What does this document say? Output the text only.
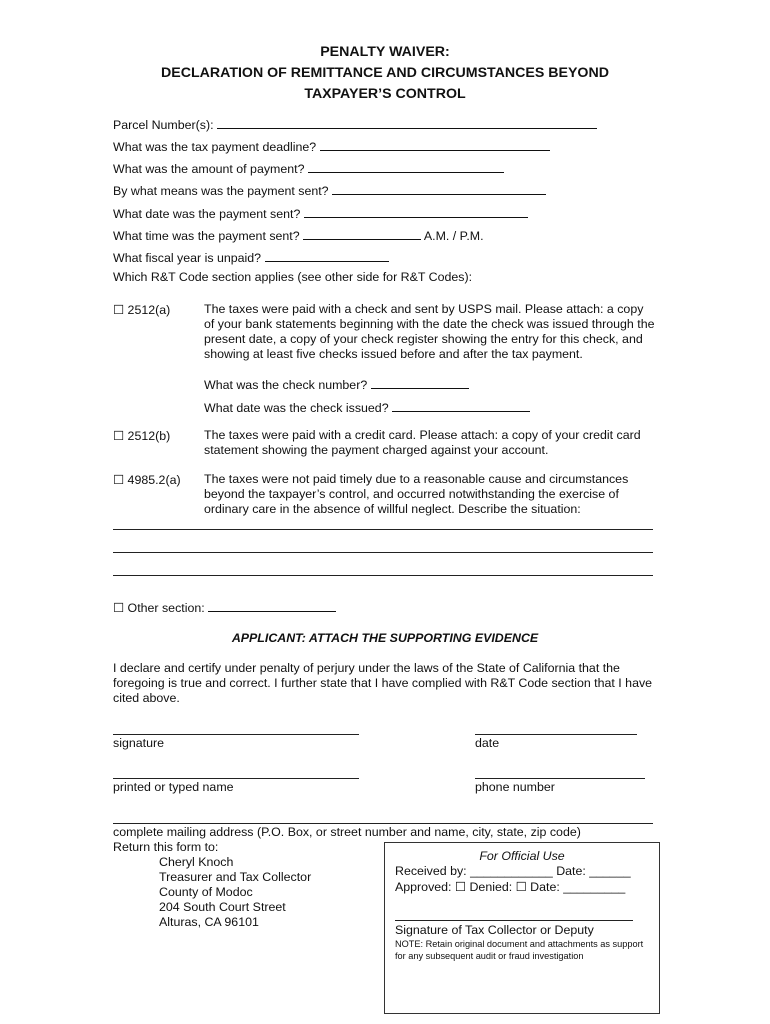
PENALTY WAIVER:
DECLARATION OF REMITTANCE AND CIRCUMSTANCES BEYOND
TAXPAYER’S CONTROL
Parcel Number(s):
What was the tax payment deadline?
What was the amount of payment?
By what means was the payment sent?
What date was the payment sent?
What time was the payment sent?	A.M. / P.M.
What fiscal year is unpaid?
Which R&T Code section applies (see other side for R&T Codes):
☐ 2512(a)	The taxes were paid with a check and sent by USPS mail. Please attach: a copy of your bank statements beginning with the date the check was issued through the present date, a copy of your check register showing the entry for this check, and showing at least five checks issued before and after the tax payment.
What was the check number?
What date was the check issued?
☐ 2512(b)	The taxes were paid with a credit card. Please attach: a copy of your credit card statement showing the payment charged against your account.
☐ 4985.2(a) The taxes were not paid timely due to a reasonable cause and circumstances beyond the taxpayer’s control, and occurred notwithstanding the exercise of ordinary care in the absence of willful neglect. Describe the situation:
☐ Other section:
APPLICANT: ATTACH THE SUPPORTING EVIDENCE
I declare and certify under penalty of perjury under the laws of the State of California that the foregoing is true and correct. I further state that I have complied with R&T Code section that I have cited above.
signature	date
printed or typed name	phone number
complete mailing address (P.O. Box, or street number and name, city, state, zip code)
Return this form to:
Cheryl Knoch
Treasurer and Tax Collector
County of Modoc
204 South Court Street
Alturas, CA 96101
For Official Use
Received by: ____________ Date: ______
Approved: ☐ Denied: ☐ Date: _________
Signature of Tax Collector or Deputy
NOTE: Retain original document and attachments as support for any subsequent audit or fraud investigation
